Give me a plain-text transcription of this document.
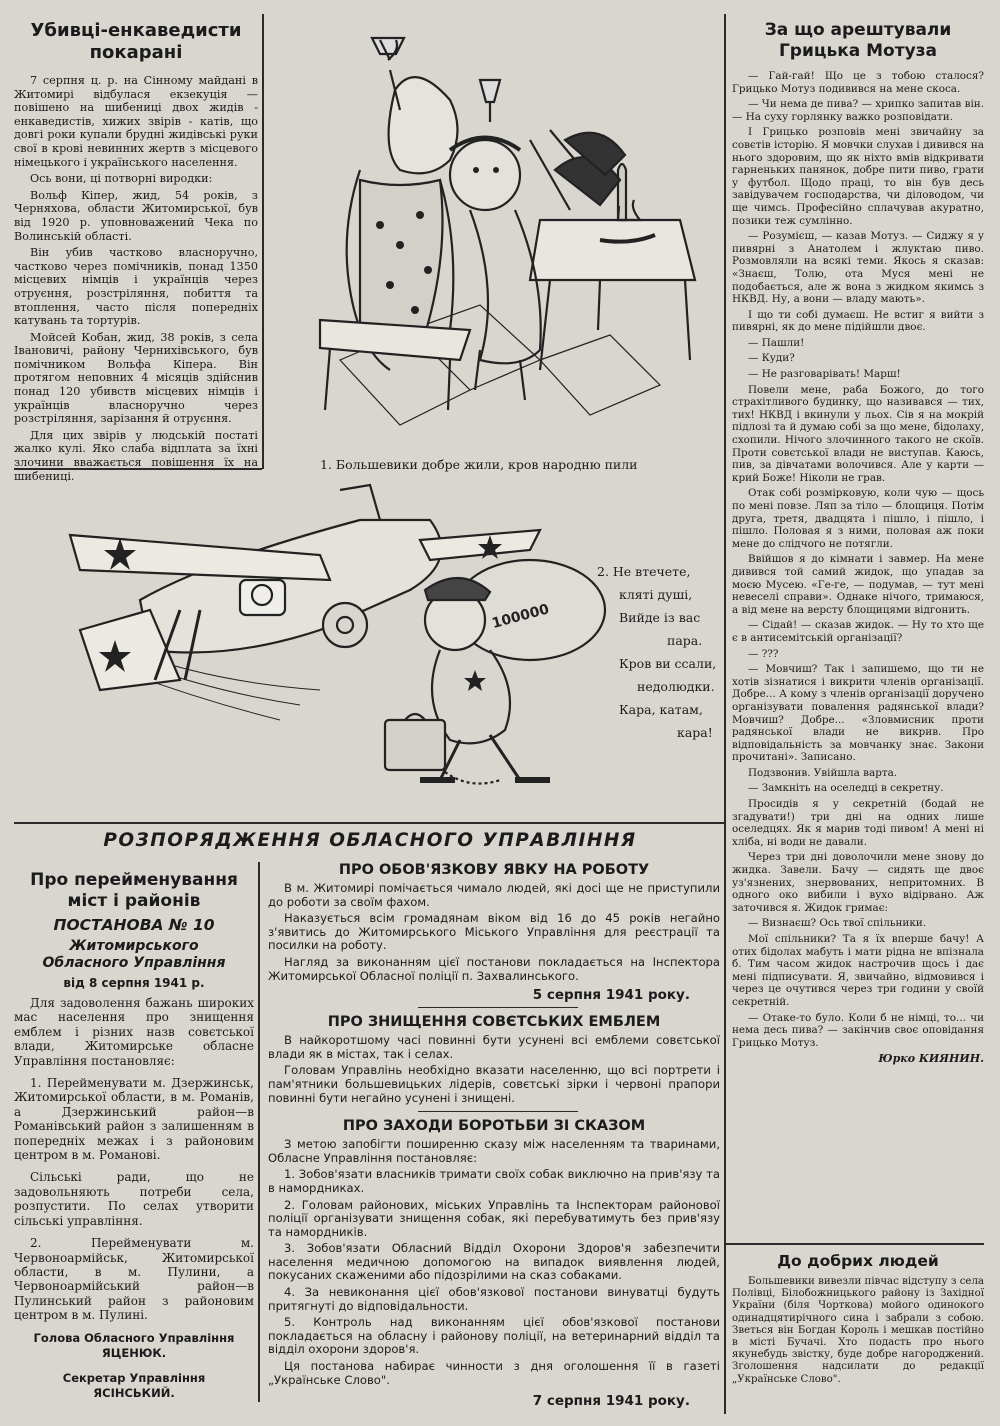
Убивці-енкаведисти покарані

7 серпня ц. р. на Сінному майдані в Житомирі відбулася екзекуція — повішено на шибениці двох жидів - енкаведистів, хижих звірів - катів, що довгі роки купали брудні жидівські руки свої в крові невинних жертв з місцевого німецького і українського населення.

Ось вони, ці потворні виродки:

Вольф Кіпер, жид, 54 років, з Черняхова, области Житомирської, був від 1920 р. уповноважений Чека по Волинській області.

Він убив частково власноручно, частково через помічників, понад 1350 місцевих німців і українців через отруєння, розстріляння, побиття та втоплення, часто після попередніх катувань та тортурів.

Мойсей Кобан, жид, 38 років, з села Івановичі, району Чернихівського, був помічником Вольфа Кіпера. Він протягом неповних 4 місяців здійснив понад 120 убивств місцевих німців і українців власноручно через розстріляння, зарізання й отруєння.

Для цих звірів у людській постаті жалко кулі. Яко слаба відплата за їхні злочини вважається повішення їх на шибениці.

1. Большевики добре жили, кров народню пили
100000
2. Не втечете,
кляті душі,
Вийде із вас
пара.
Кров ви ссали,
недолюдки.
Кара, катам,
кара!
За що арештували Грицька Мотуза

— Гай-гай! Що це з тобою сталося? Грицько Мотуз подивився на мене скоса.

— Чи нема де пива? — хрипко запитав він. — На суху горлянку важко розповідати.

І Грицько розповів мені звичайну за совєтів історію. Я мовчки слухав і дивився на нього здоровим, що як ніхто вмів відкривати гарненьких панянок, добре пити пиво, грати у футбол. Щодо праці, то він був десь завідувачем господарства, чи діловодом, чи ще чимсь. Професійно сплачував акуратно, позики теж сумлінно.

— Розумієш, — казав Мотуз. — Сиджу я у пивярні з Анатолем і жлуктаю пиво. Розмовляли на всякі теми. Якось я сказав: «Знаєш, Толю, ота Муся мені не подобається, але ж вона з жидком якимсь з НКВД. Ну, а вони — владу мають».

І що ти собі думаєш. Не встиг я вийти з пивярні, як до мене підійшли двоє.

— Пашли!

— Куди?

— Не разговарівать! Марш!

Повели мене, раба Божого, до того страхітливого будинку, що називався — тих, тих! НКВД і вкинули у льох. Сів я на мокрій підлозі та й думаю собі за що мене, бідолаху, схопили. Нічого злочинного такого не скоїв. Проти совєтської влади не виступав. Каюсь, пив, за дівчатами волочився. Але у карти — крий Боже! Ніколи не грав.

Отак собі розмірковую, коли чую — щось по мені повзе. Ляп за тіло — блощиця. Потім друга, третя, двадцята і пішло, і пішло, і пішло. Половая я з ними, половая аж поки мене до слідчого не потягли.

Ввійшов я до кімнати і завмер. На мене дивився той самий жидок, що упадав за моєю Мусею. «Ге-ге, — подумав, — тут мені невеселі справи». Однаке нічого, тримаюся, а від мене на версту блощицями відгонить.

— Сідай! — сказав жидок. — Ну то хто ще є в антисемітській організації?

— ???

— Мовчиш? Так і запишемо, що ти не хотів зізнатися і викрити членів організації. Добре... А кому з членів організації доручено організувати повалення радянської влади? Мовчиш? Добре... «Зловмисник проти радянської влади не викрив. Про відповідальність за мовчанку знає. Закони прочитані». Записано.

Подзвонив. Увійшла варта.

— Замкніть на оселедці в секретну.

Просидів я у секретній (бодай не згадувати!) три дні на одних лише оселедцях. Як я марив тоді пивом! А мені ні хліба, ні води не давали.

Через три дні доволочили мене знову до жидка. Завели. Бачу — сидять ще двоє уз'язнених, знервованих, непритомних. В одного око вибили і вухо відірвано. Аж заточився я. Жидок гримає:

— Визнаєш? Ось твої спільники.

Мої спільники? Та я їх вперше бачу! А отих бідолах мабуть і мати рідна не впізнала б. Тим часом жидок настрочив щось і дає мені підписувати. Я, звичайно, відмовився і через це очутився через три години у своїй секретній.

— Отаке-то було. Коли б не німці, то... чи нема десь пива? — закінчив своє оповідання Грицько Мотуз.

Юрко КИЯНИН.
До добрих людей

Большевики вивезли півчас відступу з села Полівці, Білобожницького району із Західної України (біля Чорткова) мойого одинокого одинадцятирічного сина і забрали з собою. Зветься він Богдан Король і мешкав постійно в місті Бучачі. Хто подасть про нього якунебудь звістку, буде добре нагороджений. Зголошення надсилати до редакції „Українське Слово".

РОЗПОРЯДЖЕННЯ ОБЛАСНОГО УПРАВЛІННЯ
Про перейменування міст і районів
ПОСТАНОВА № 10
Житомирського Обласного Управління
від 8 серпня 1941 р.

Для задоволення бажань широких мас населення про знищення емблем і різних назв совєтської влади, Житомирське обласне Управління постановляє:

1. Перейменувати м. Дзержинськ, Житомирської области, в м. Романів, а Дзержинський район—в Романівський район з залишенням в попередніх межах і з районовим центром в м. Романові.

Сільські ради, що не задовольняють потреби села, розпустити. По селах утворити сільські управління.

2. Перейменувати м. Червоноармійськ, Житомирської области, в м. Пулини, а Червоноармійський район—в Пулинський район з районовим центром в м. Пулині.

Голова Обласного Управління ЯЦЕНЮК.
Секретар Управління ЯСІНСЬКИЙ.
ПРО ОБОВ'ЯЗКОВУ ЯВКУ НА РОБОТУ

В м. Житомирі помічається чимало людей, які досі ще не приступили до роботи за своїм фахом.

Наказується всім громадянам віком від 16 до 45 років негайно з'явитись до Житомирського Міського Управління для реєстрації та посилки на роботу.

Нагляд за виконанням цієї постанови покладається на Інспектора Житомирської Обласної поліції п. Захвалинського.

5 серпня 1941 року.
ПРО ЗНИЩЕННЯ СОВЄТСЬКИХ ЕМБЛЕМ

В найкоротшому часі повинні бути усунені всі емблеми совєтської влади як в містах, так і селах.

Головам Управлінь необхідно вказати населенню, що всі портрети і пам'ятники большевицьких лідерів, совєтські зірки і червоні прапори повинні бути негайно усунені і знищені.

ПРО ЗАХОДИ БОРОТЬБИ ЗІ СКАЗОМ

З метою запобігти поширенню сказу між населенням та тваринами, Обласне Управління постановляє:

1. Зобов'язати власників тримати своїх собак виключно на прив'язу та в намордниках.

2. Головам районових, міських Управлінь та Інспекторам районової поліції організувати знищення собак, які перебуватимуть без прив'язу та намордників.

3. Зобов'язати Обласний Відділ Охорони Здоров'я забезпечити населення медичною допомогою на випадок виявлення людей, покусаних скаженими або підозрілими на сказ собаками.

4. За невиконання цієї обов'язкової постанови винуватці будуть притягнуті до відповідальности.

5. Контроль над виконанням цієї обов'язкової постанови покладається на обласну і районову поліції, на ветеринарний відділ та відділ охорони здоров'я.

Ця постанова набирає чинности з дня оголошення її в газеті „Українське Слово".

7 серпня 1941 року.
